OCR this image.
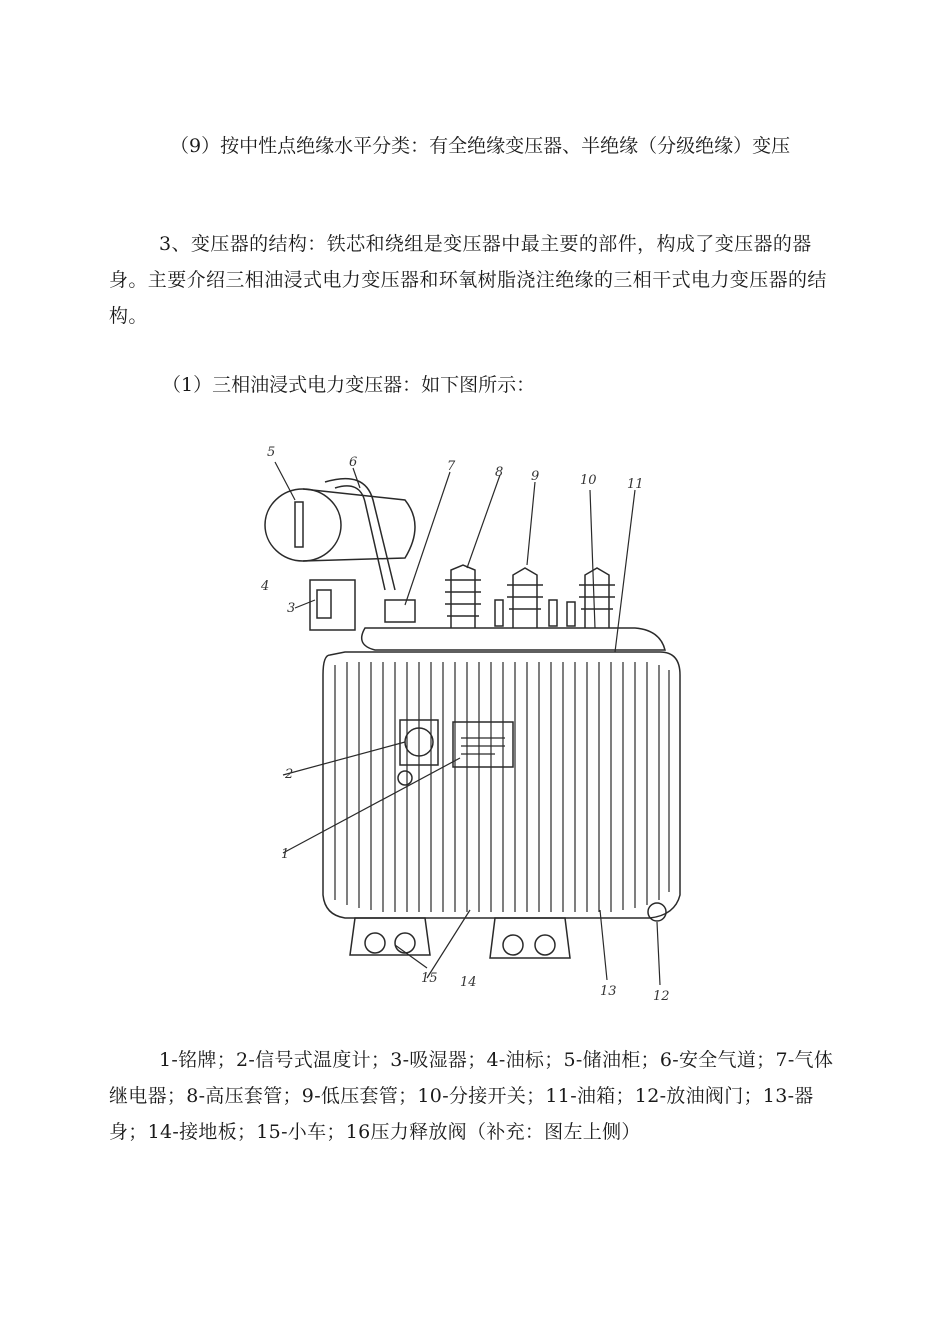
（9）按中性点绝缘水平分类：有全绝缘变压器、半绝缘（分级绝缘）变压

3、变压器的结构：铁芯和绕组是变压器中最主要的部件，构成了变压器的器身。主要介绍三相油浸式电力变压器和环氧树脂浇注绝缘的三相干式电力变压器的结构。

（1）三相油浸式电力变压器：如下图所示：

5
6	7	8 9	10 11
3
4
2
1
15 14
13	12

1-铭牌；2-信号式温度计；3-吸湿器；4-油标；5-储油柜；6-安全气道；7-气体继电器；8-高压套管；9-低压套管；10-分接开关；11-油箱；12-放油阀门；13-器身；14-接地板；15-小车；16压力释放阀（补充：图左上侧）
